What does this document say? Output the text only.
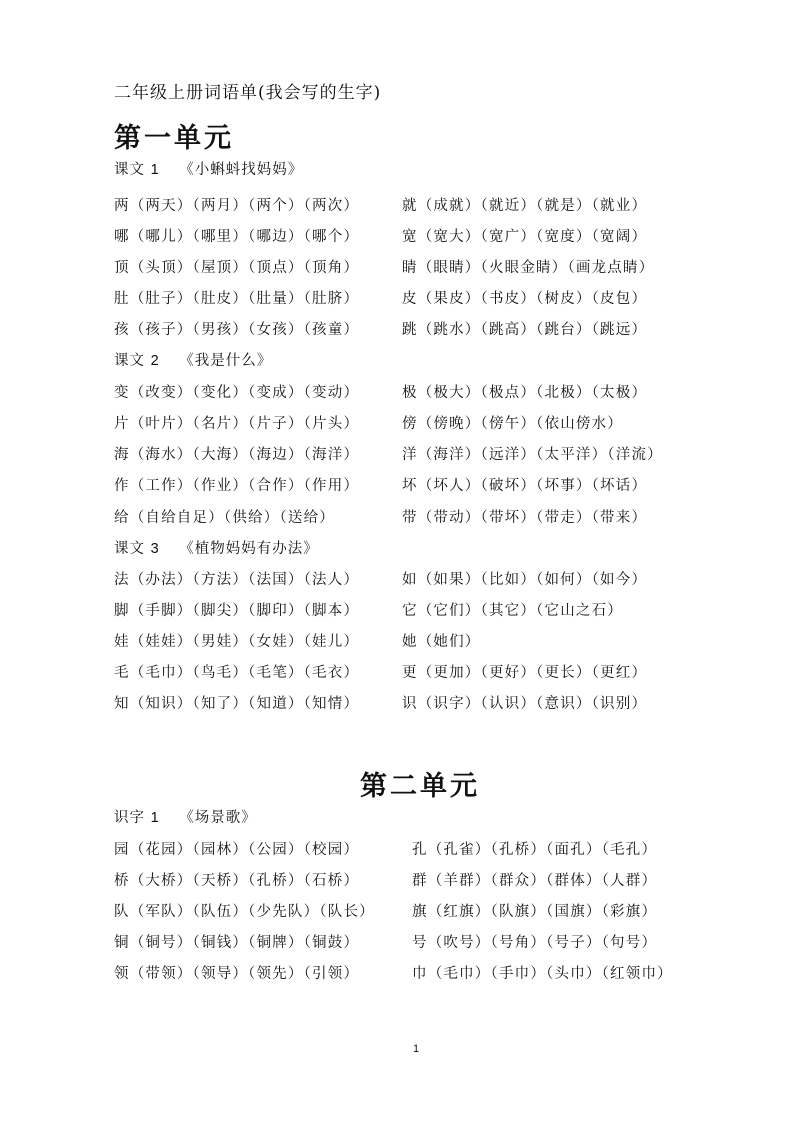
二年级上册词语单(我会写的生字)
第一单元
课文 1 《小蝌蚪找妈妈》
两（两天）（两月）（两个）（两次）
哪（哪儿）（哪里）（哪边）（哪个）
顶（头顶）（屋顶）（顶点）（顶角）
肚（肚子）（肚皮）（肚量）（肚脐）
孩（孩子）（男孩）（女孩）（孩童）
就（成就）（就近）（就是）（就业）
宽（宽大）（宽广）（宽度）（宽阔）
睛（眼睛）（火眼金睛）（画龙点睛）
皮（果皮）（书皮）（树皮）（皮包）
跳（跳水）（跳高）（跳台）（跳远）
课文 2 《我是什么》
变（改变）（变化）（变成）（变动）
片（叶片）（名片）（片子）（片头）
海（海水）（大海）（海边）（海洋）
作（工作）（作业）（合作）（作用）
给（自给自足）（供给）（送给）
极（极大）（极点）（北极）（太极）
傍（傍晚）（傍午）（依山傍水）
洋（海洋）（远洋）（太平洋）（洋流）
坏（坏人）（破坏）（坏事）（坏话）
带（带动）（带坏）（带走）（带来）
课文 3 《植物妈妈有办法》
法（办法）（方法）（法国）（法人）
脚（手脚）（脚尖）（脚印）（脚本）
娃（娃娃）（男娃）（女娃）（娃儿）
毛（毛巾）（鸟毛）（毛笔）（毛衣）
知（知识）（知了）（知道）（知情）
如（如果）（比如）（如何）（如今）
它（它们）（其它）（它山之石）
她（她们）
更（更加）（更好）（更长）（更红）
识（识字）（认识）（意识）（识别）
第二单元
识字 1 《场景歌》
园（花园）（园林）（公园）（校园）
桥（大桥）（天桥）（孔桥）（石桥）
队（军队）（队伍）（少先队）（队长）
铜（铜号）（铜钱）（铜牌）（铜鼓）
领（带领）（领导）（领先）（引领）
孔（孔雀）（孔桥）（面孔）（毛孔）
群（羊群）（群众）（群体）（人群）
旗（红旗）（队旗）（国旗）（彩旗）
号（吹号）（号角）（号子）（句号）
巾（毛巾）（手巾）（头巾）（红领巾）
1
